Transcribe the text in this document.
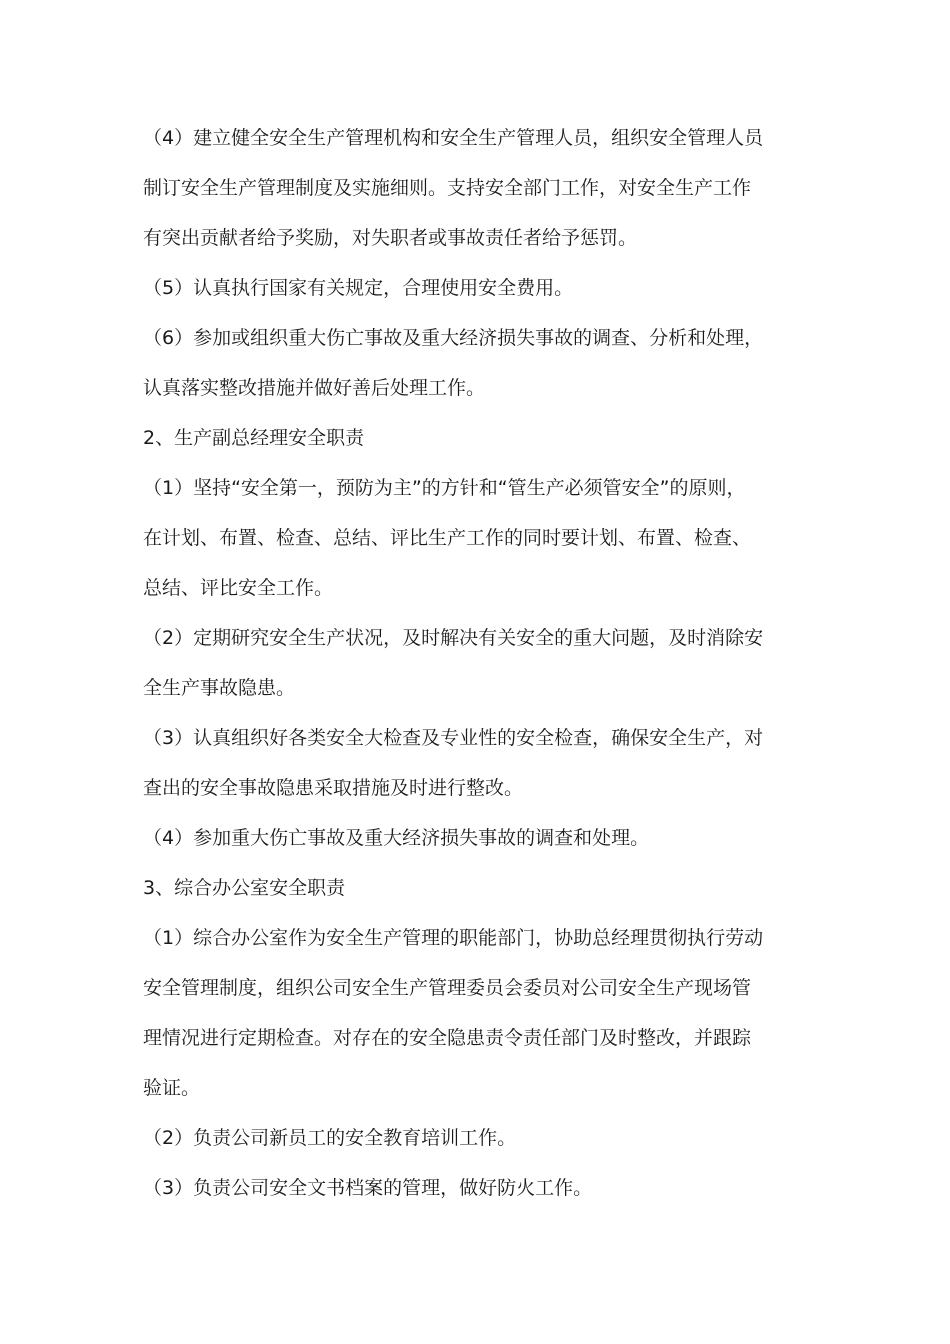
（4）建立健全安全生产管理机构和安全生产管理人员，组织安全管理人员
制订安全生产管理制度及实施细则。支持安全部门工作，对安全生产工作
有突出贡献者给予奖励，对失职者或事故责任者给予惩罚。
（5）认真执行国家有关规定，合理使用安全费用。
（6）参加或组织重大伤亡事故及重大经济损失事故的调查、分析和处理，
认真落实整改措施并做好善后处理工作。
2、生产副总经理安全职责
（1）坚持“安全第一，预防为主”的方针和“管生产必须管安全”的原则，
在计划、布置、检查、总结、评比生产工作的同时要计划、布置、检查、
总结、评比安全工作。
（2）定期研究安全生产状况，及时解决有关安全的重大问题，及时消除安
全生产事故隐患。
（3）认真组织好各类安全大检查及专业性的安全检查，确保安全生产，对
查出的安全事故隐患采取措施及时进行整改。
（4）参加重大伤亡事故及重大经济损失事故的调查和处理。
3、综合办公室安全职责
（1）综合办公室作为安全生产管理的职能部门，协助总经理贯彻执行劳动
安全管理制度，组织公司安全生产管理委员会委员对公司安全生产现场管
理情况进行定期检查。对存在的安全隐患责令责任部门及时整改，并跟踪
验证。
（2）负责公司新员工的安全教育培训工作。
（3）负责公司安全文书档案的管理，做好防火工作。
